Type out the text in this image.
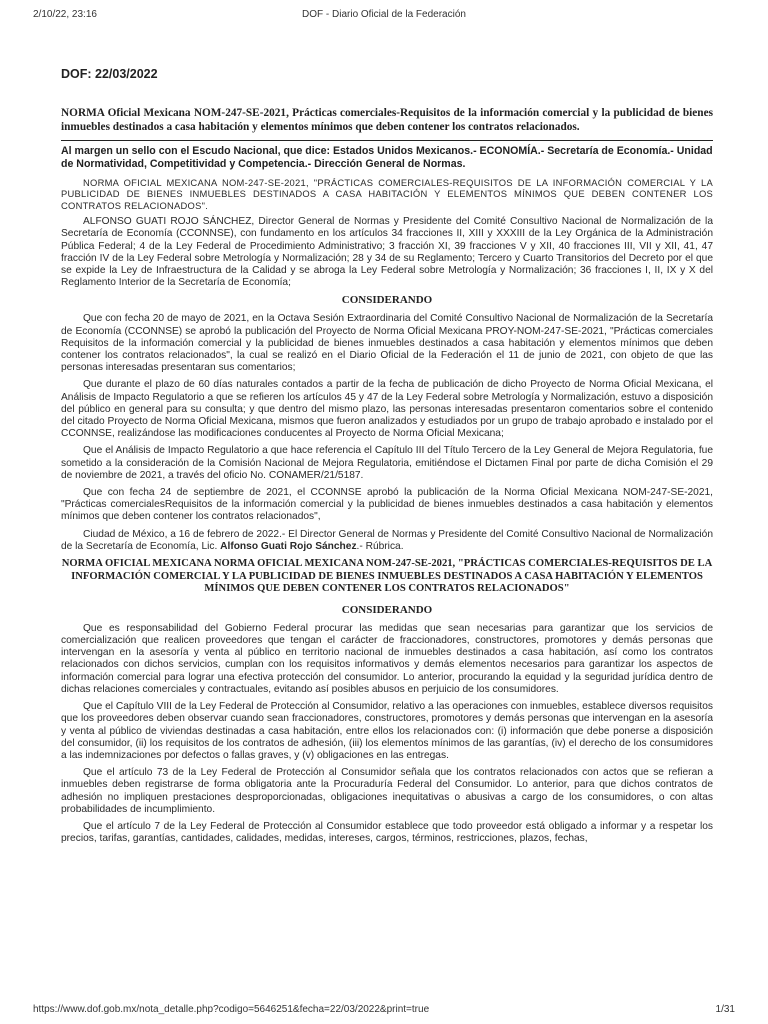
2/10/22, 23:16	DOF - Diario Oficial de la Federación
DOF: 22/03/2022
NORMA Oficial Mexicana NOM-247-SE-2021, Prácticas comerciales-Requisitos de la información comercial y la publicidad de bienes inmuebles destinados a casa habitación y elementos mínimos que deben contener los contratos relacionados.
Al margen un sello con el Escudo Nacional, que dice: Estados Unidos Mexicanos.- ECONOMÍA.- Secretaría de Economía.- Unidad de Normatividad, Competitividad y Competencia.- Dirección General de Normas.
NORMA OFICIAL MEXICANA NOM-247-SE-2021, "PRÁCTICAS COMERCIALES-REQUISITOS DE LA INFORMACIÓN COMERCIAL Y LA PUBLICIDAD DE BIENES INMUEBLES DESTINADOS A CASA HABITACIÓN Y ELEMENTOS MÍNIMOS QUE DEBEN CONTENER LOS CONTRATOS RELACIONADOS".
ALFONSO GUATI ROJO SÁNCHEZ, Director General de Normas y Presidente del Comité Consultivo Nacional de Normalización de la Secretaría de Economía (CCONNSE), con fundamento en los artículos 34 fracciones II, XIII y XXXIII de la Ley Orgánica de la Administración Pública Federal; 4 de la Ley Federal de Procedimiento Administrativo; 3 fracción XI, 39 fracciones V y XII, 40 fracciones III, VII y XII, 41, 47 fracción IV de la Ley Federal sobre Metrología y Normalización; 28 y 34 de su Reglamento; Tercero y Cuarto Transitorios del Decreto por el que se expide la Ley de Infraestructura de la Calidad y se abroga la Ley Federal sobre Metrología y Normalización; 36 fracciones I, II, IX y X del Reglamento Interior de la Secretaría de Economía;
CONSIDERANDO
Que con fecha 20 de mayo de 2021, en la Octava Sesión Extraordinaria del Comité Consultivo Nacional de Normalización de la Secretaría de Economía (CCONNSE) se aprobó la publicación del Proyecto de Norma Oficial Mexicana PROY-NOM-247-SE-2021, "Prácticas comerciales Requisitos de la información comercial y la publicidad de bienes inmuebles destinados a casa habitación y elementos mínimos que deben contener los contratos relacionados", la cual se realizó en el Diario Oficial de la Federación el 11 de junio de 2021, con objeto de que las personas interesadas presentaran sus comentarios;
Que durante el plazo de 60 días naturales contados a partir de la fecha de publicación de dicho Proyecto de Norma Oficial Mexicana, el Análisis de Impacto Regulatorio a que se refieren los artículos 45 y 47 de la Ley Federal sobre Metrología y Normalización, estuvo a disposición del público en general para su consulta; y que dentro del mismo plazo, las personas interesadas presentaron comentarios sobre el contenido del citado Proyecto de Norma Oficial Mexicana, mismos que fueron analizados y estudiados por un grupo de trabajo aprobado e instalado por el CCONNSE, realizándose las modificaciones conducentes al Proyecto de Norma Oficial Mexicana;
Que el Análisis de Impacto Regulatorio a que hace referencia el Capítulo III del Título Tercero de la Ley General de Mejora Regulatoria, fue sometido a la consideración de la Comisión Nacional de Mejora Regulatoria, emitiéndose el Dictamen Final por parte de dicha Comisión el 29 de noviembre de 2021, a través del oficio No. CONAMER/21/5187.
Que con fecha 24 de septiembre de 2021, el CCONNSE aprobó la publicación de la Norma Oficial Mexicana NOM-247-SE-2021, "Prácticas comercialesRequisitos de la información comercial y la publicidad de bienes inmuebles destinados a casa habitación y elementos mínimos que deben contener los contratos relacionados",
Ciudad de México, a 16 de febrero de 2022.- El Director General de Normas y Presidente del Comité Consultivo Nacional de Normalización de la Secretaría de Economía, Lic. Alfonso Guati Rojo Sánchez.- Rúbrica.
NORMA OFICIAL MEXICANA NORMA OFICIAL MEXICANA NOM-247-SE-2021, "PRÁCTICAS COMERCIALES-REQUISITOS DE LA INFORMACIÓN COMERCIAL Y LA PUBLICIDAD DE BIENES INMUEBLES DESTINADOS A CASA HABITACIÓN Y ELEMENTOS MÍNIMOS QUE DEBEN CONTENER LOS CONTRATOS RELACIONADOS"
CONSIDERANDO
Que es responsabilidad del Gobierno Federal procurar las medidas que sean necesarias para garantizar que los servicios de comercialización que realicen proveedores que tengan el carácter de fraccionadores, constructores, promotores y demás personas que intervengan en la asesoría y venta al público en territorio nacional de inmuebles destinados a casa habitación, así como los contratos relacionados con dichos servicios, cumplan con los requisitos informativos y demás elementos necesarios para garantizar los aspectos de información comercial para lograr una efectiva protección del consumidor. Lo anterior, procurando la equidad y la seguridad jurídica dentro de dichas relaciones comerciales y contractuales, evitando así posibles abusos en perjuicio de los consumidores.
Que el Capítulo VIII de la Ley Federal de Protección al Consumidor, relativo a las operaciones con inmuebles, establece diversos requisitos que los proveedores deben observar cuando sean fraccionadores, constructores, promotores y demás personas que intervengan en la asesoría y venta al público de viviendas destinadas a casa habitación, entre ellos los relacionados con: (i) información que debe ponerse a disposición del consumidor, (ii) los requisitos de los contratos de adhesión, (iii) los elementos mínimos de las garantías, (iv) el derecho de los consumidores a las indemnizaciones por defectos o fallas graves, y (v) obligaciones en las entregas.
Que el artículo 73 de la Ley Federal de Protección al Consumidor señala que los contratos relacionados con actos que se refieran a inmuebles deben registrarse de forma obligatoria ante la Procuraduría Federal del Consumidor. Lo anterior, para que dichos contratos de adhesión no impliquen prestaciones desproporcionadas, obligaciones inequitativas o abusivas a cargo de los consumidores, o con altas probabilidades de incumplimiento.
Que el artículo 7 de la Ley Federal de Protección al Consumidor establece que todo proveedor está obligado a informar y a respetar los precios, tarifas, garantías, cantidades, calidades, medidas, intereses, cargos, términos, restricciones, plazos, fechas,
https://www.dof.gob.mx/nota_detalle.php?codigo=5646251&fecha=22/03/2022&print=true	1/31
